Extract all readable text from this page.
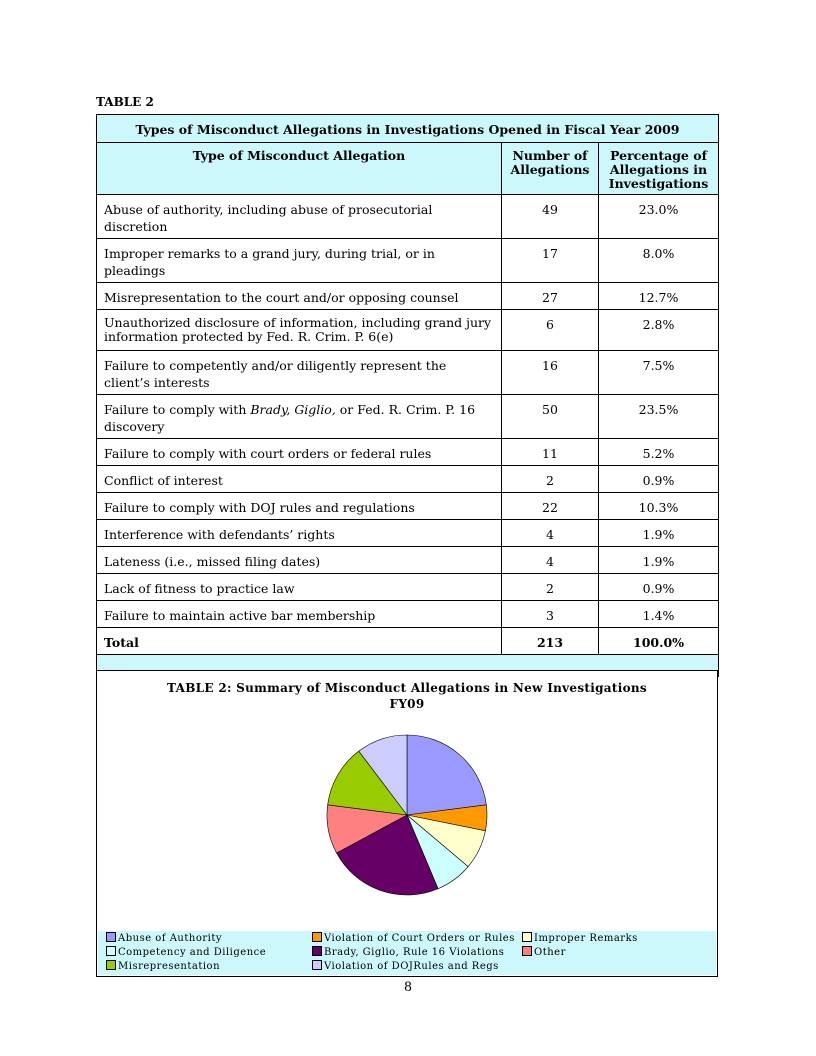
TABLE 2
Types of Misconduct Allegations in Investigations Opened in Fiscal Year 2009		
Type of Misconduct Allegation	Number of Allegations	Percentage of Allegations in Investigations
Abuse of authority, including abuse of prosecutorial discretion	49	23.0%
Improper remarks to a grand jury, during trial, or in pleadings	17	8.0%
Misrepresentation to the court and/or opposing counsel	27	12.7%
Unauthorized disclosure of information, including grand jury information protected by Fed. R. Crim. P. 6(e)	6	2.8%
Failure to competently and/or diligently represent the client’s interests	16	7.5%
Failure to comply with Brady, Giglio, or Fed. R. Crim. P. 16 discovery	50	23.5%
Failure to comply with court orders or federal rules	11	5.2%
Conflict of interest	2	0.9%
Failure to comply with DOJ rules and regulations	22	10.3%
Interference with defendants’ rights	4	1.9%
Lateness (i.e., missed filing dates)	4	1.9%
Lack of fitness to practice law	2	0.9%
Failure to maintain active bar membership	3	1.4%
Total	213	100.0%

TABLE 2: Summary of Misconduct Allegations in New Investigations
FY09
Abuse of Authority	Violation of Court Orders or Rules	Improper Remarks
Competency and Diligence	Brady, Giglio, Rule 16 Violations	Other
Misrepresentation	Violation of DOJRules and Regs
8
